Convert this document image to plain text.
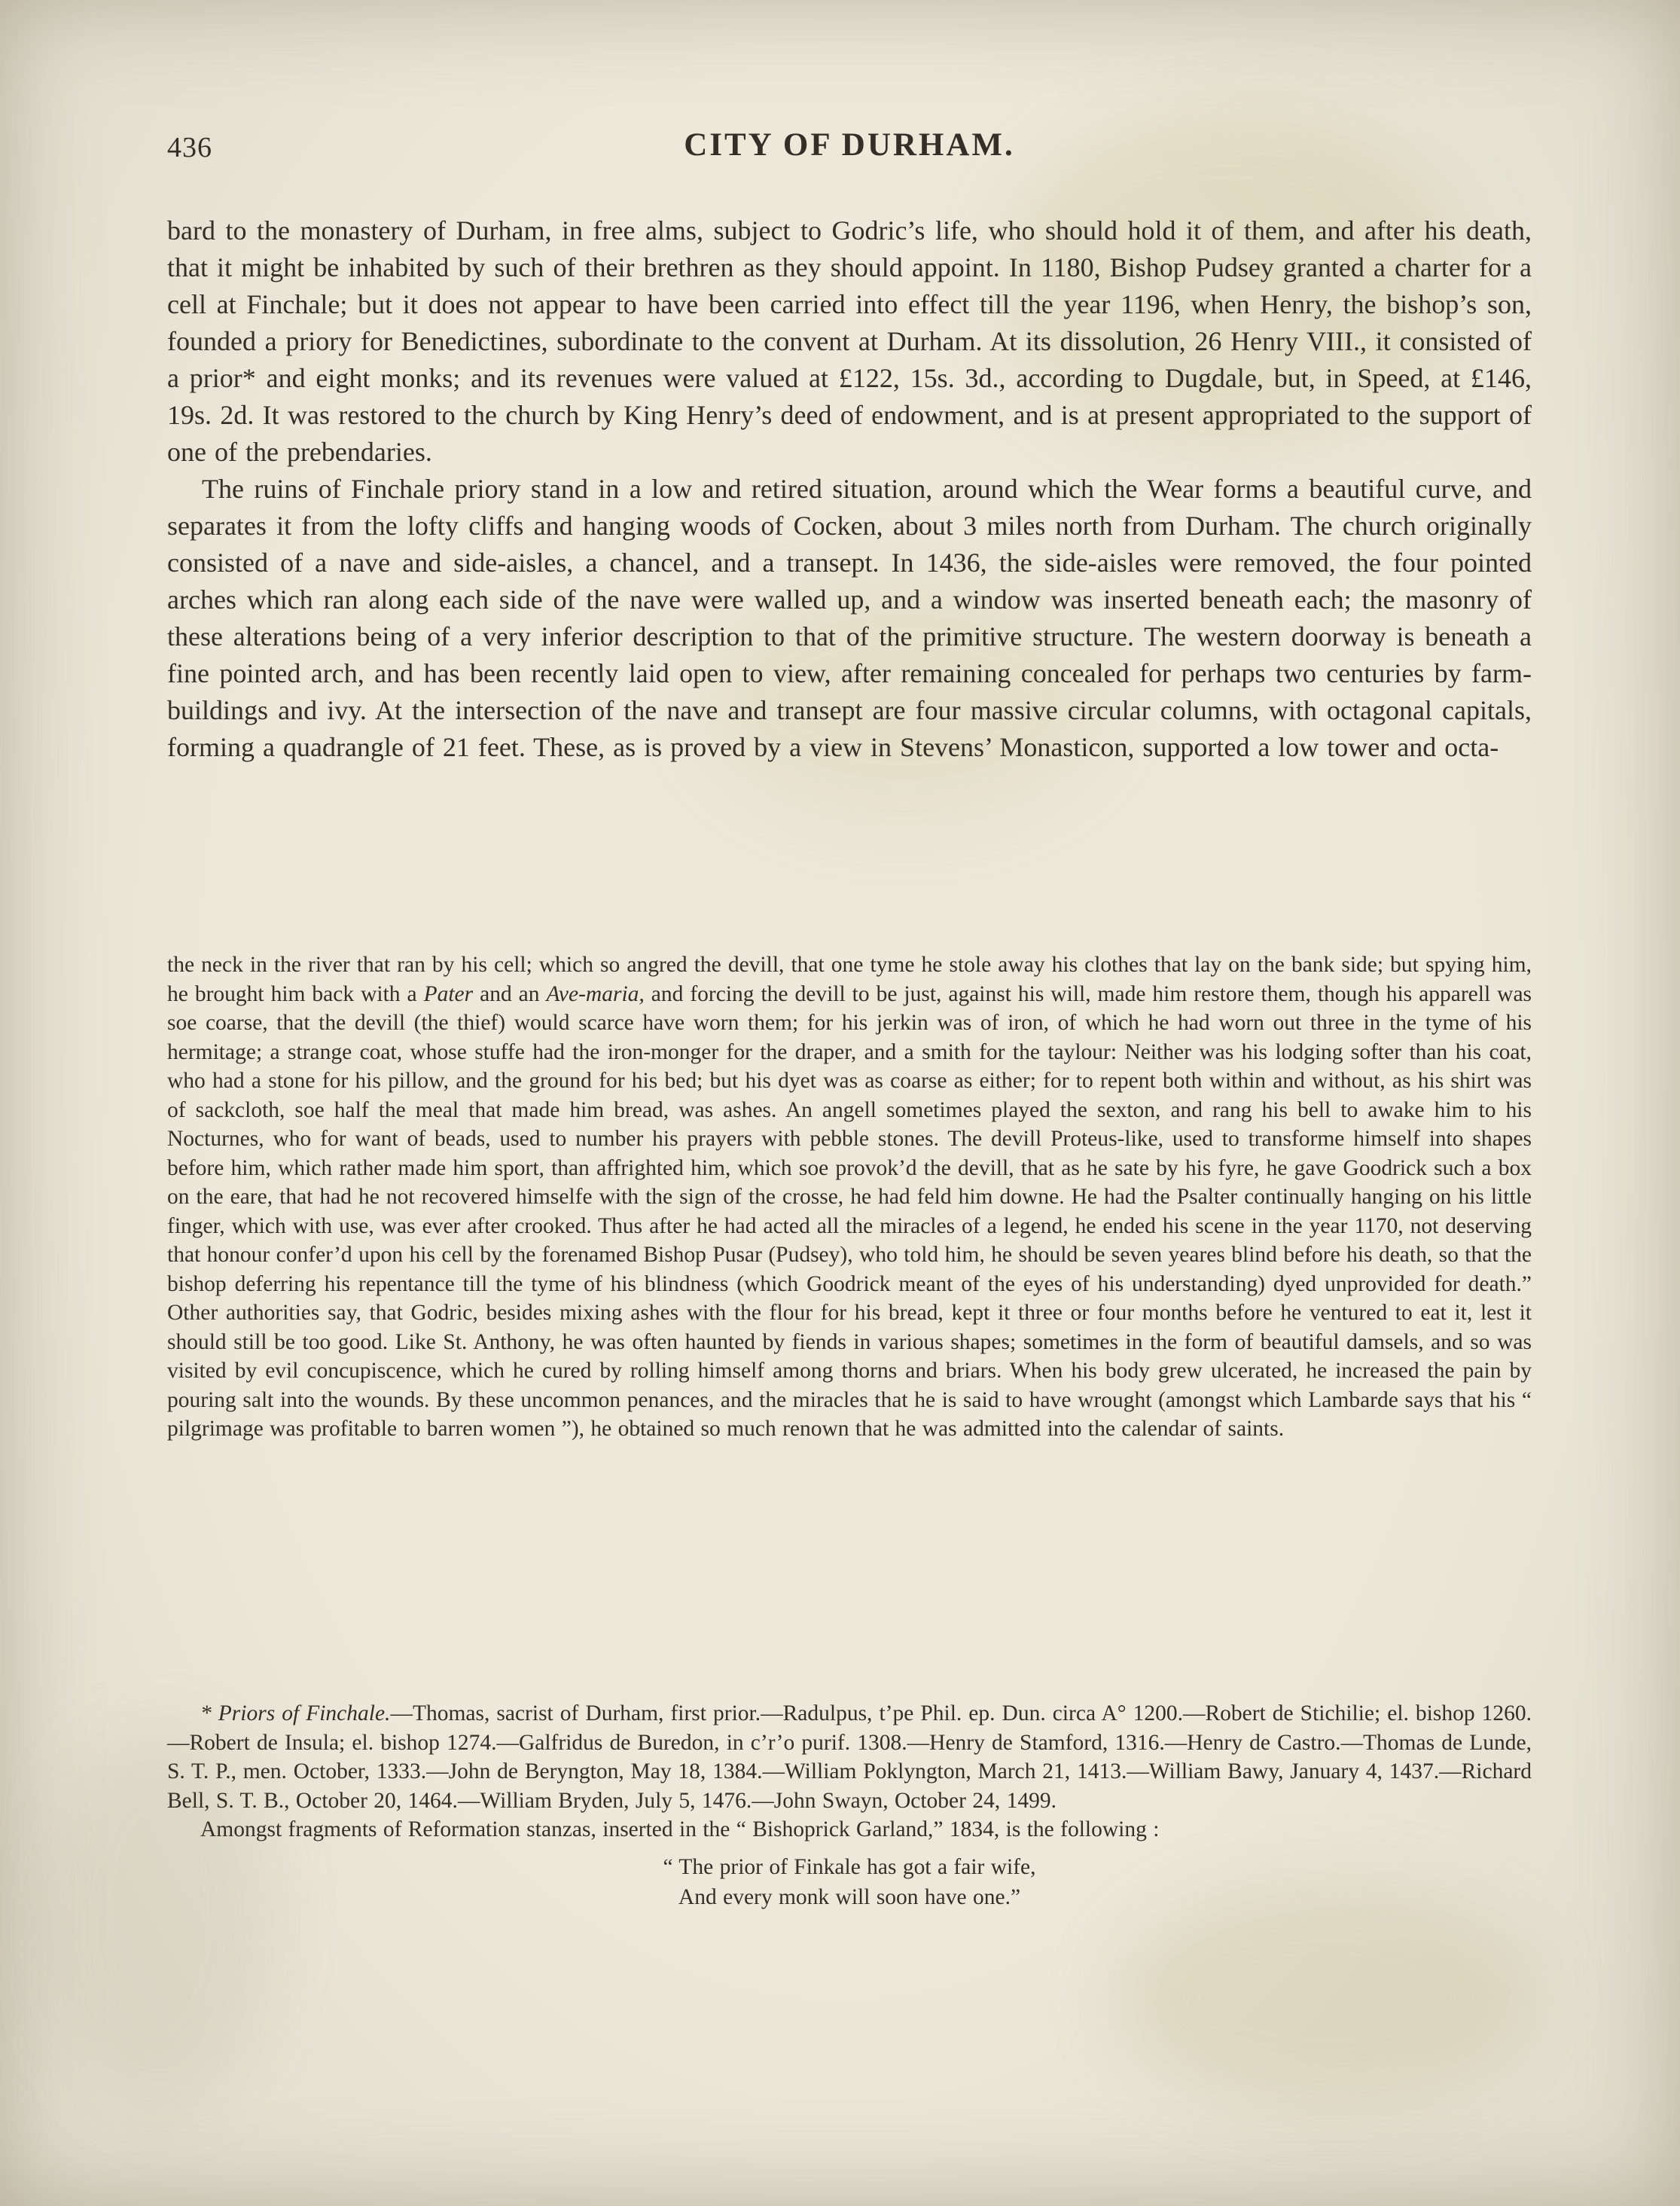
436	CITY OF DURHAM.

bard to the monastery of Durham, in free alms, subject to Godric’s life, who should hold it of them, and after his death, that it might be inhabited by such of their brethren as they should appoint. In 1180, Bishop Pudsey granted a charter for a cell at Finchale; but it does not appear to have been carried into effect till the year 1196, when Henry, the bishop’s son, founded a priory for Benedictines, subordinate to the convent at Durham. At its dissolution, 26 Henry VIII., it consisted of a prior* and eight monks; and its revenues were valued at £122, 15s. 3d., according to Dugdale, but, in Speed, at £146, 19s. 2d. It was restored to the church by King Henry’s deed of endowment, and is at present appropriated to the support of one of the prebendaries.

The ruins of Finchale priory stand in a low and retired situation, around which the Wear forms a beautiful curve, and separates it from the lofty cliffs and hanging woods of Cocken, about 3 miles north from Durham. The church originally consisted of a nave and side-aisles, a chancel, and a transept. In 1436, the side-aisles were removed, the four pointed arches which ran along each side of the nave were walled up, and a window was inserted beneath each; the masonry of these alterations being of a very inferior description to that of the primitive structure. The western doorway is beneath a fine pointed arch, and has been recently laid open to view, after remaining concealed for perhaps two centuries by farm-buildings and ivy. At the intersection of the nave and transept are four massive circular columns, with octagonal capitals, forming a quadrangle of 21 feet. These, as is proved by a view in Stevens’ Monasticon, supported a low tower and octa-

the neck in the river that ran by his cell; which so angred the devill, that one tyme he stole away his clothes that lay on the bank side; but spying him, he brought him back with a Pater and an Ave-maria, and forcing the devill to be just, against his will, made him restore them, though his apparell was soe coarse, that the devill (the thief) would scarce have worn them; for his jerkin was of iron, of which he had worn out three in the tyme of his hermitage; a strange coat, whose stuffe had the iron-monger for the draper, and a smith for the taylour: Neither was his lodging softer than his coat, who had a stone for his pillow, and the ground for his bed; but his dyet was as coarse as either; for to repent both within and without, as his shirt was of sackcloth, soe half the meal that made him bread, was ashes. An angell sometimes played the sexton, and rang his bell to awake him to his Nocturnes, who for want of beads, used to number his prayers with pebble stones. The devill Proteus-like, used to transforme himself into shapes before him, which rather made him sport, than affrighted him, which soe provok’d the devill, that as he sate by his fyre, he gave Goodrick such a box on the eare, that had he not recovered himselfe with the sign of the crosse, he had feld him downe. He had the Psalter continually hanging on his little finger, which with use, was ever after crooked. Thus after he had acted all the miracles of a legend, he ended his scene in the year 1170, not deserving that honour confer’d upon his cell by the forenamed Bishop Pusar (Pudsey), who told him, he should be seven yeares blind before his death, so that the bishop deferring his repentance till the tyme of his blindness (which Goodrick meant of the eyes of his understanding) dyed unprovided for death.” Other authorities say, that Godric, besides mixing ashes with the flour for his bread, kept it three or four months before he ventured to eat it, lest it should still be too good. Like St. Anthony, he was often haunted by fiends in various shapes; sometimes in the form of beautiful damsels, and so was visited by evil concupiscence, which he cured by rolling himself among thorns and briars. When his body grew ulcerated, he increased the pain by pouring salt into the wounds. By these uncommon penances, and the miracles that he is said to have wrought (amongst which Lambarde says that his “ pilgrimage was profitable to barren women ”), he obtained so much renown that he was admitted into the calendar of saints.

* Priors of Finchale.—Thomas, sacrist of Durham, first prior.—Radulpus, t’pe Phil. ep. Dun. circa A° 1200.—Robert de Stichilie; el. bishop 1260.—Robert de Insula; el. bishop 1274.—Galfridus de Buredon, in c’r’o purif. 1308.—Henry de Stamford, 1316.—Henry de Castro.—Thomas de Lunde, S. T. P., men. October, 1333.—John de Beryngton, May 18, 1384.—William Poklyngton, March 21, 1413.—William Bawy, January 4, 1437.—Richard Bell, S. T. B., October 20, 1464.—William Bryden, July 5, 1476.—John Swayn, October 24, 1499.

Amongst fragments of Reformation stanzas, inserted in the “ Bishoprick Garland,” 1834, is the following :

“ The prior of Finkale has got a fair wife,
And every monk will soon have one.”
